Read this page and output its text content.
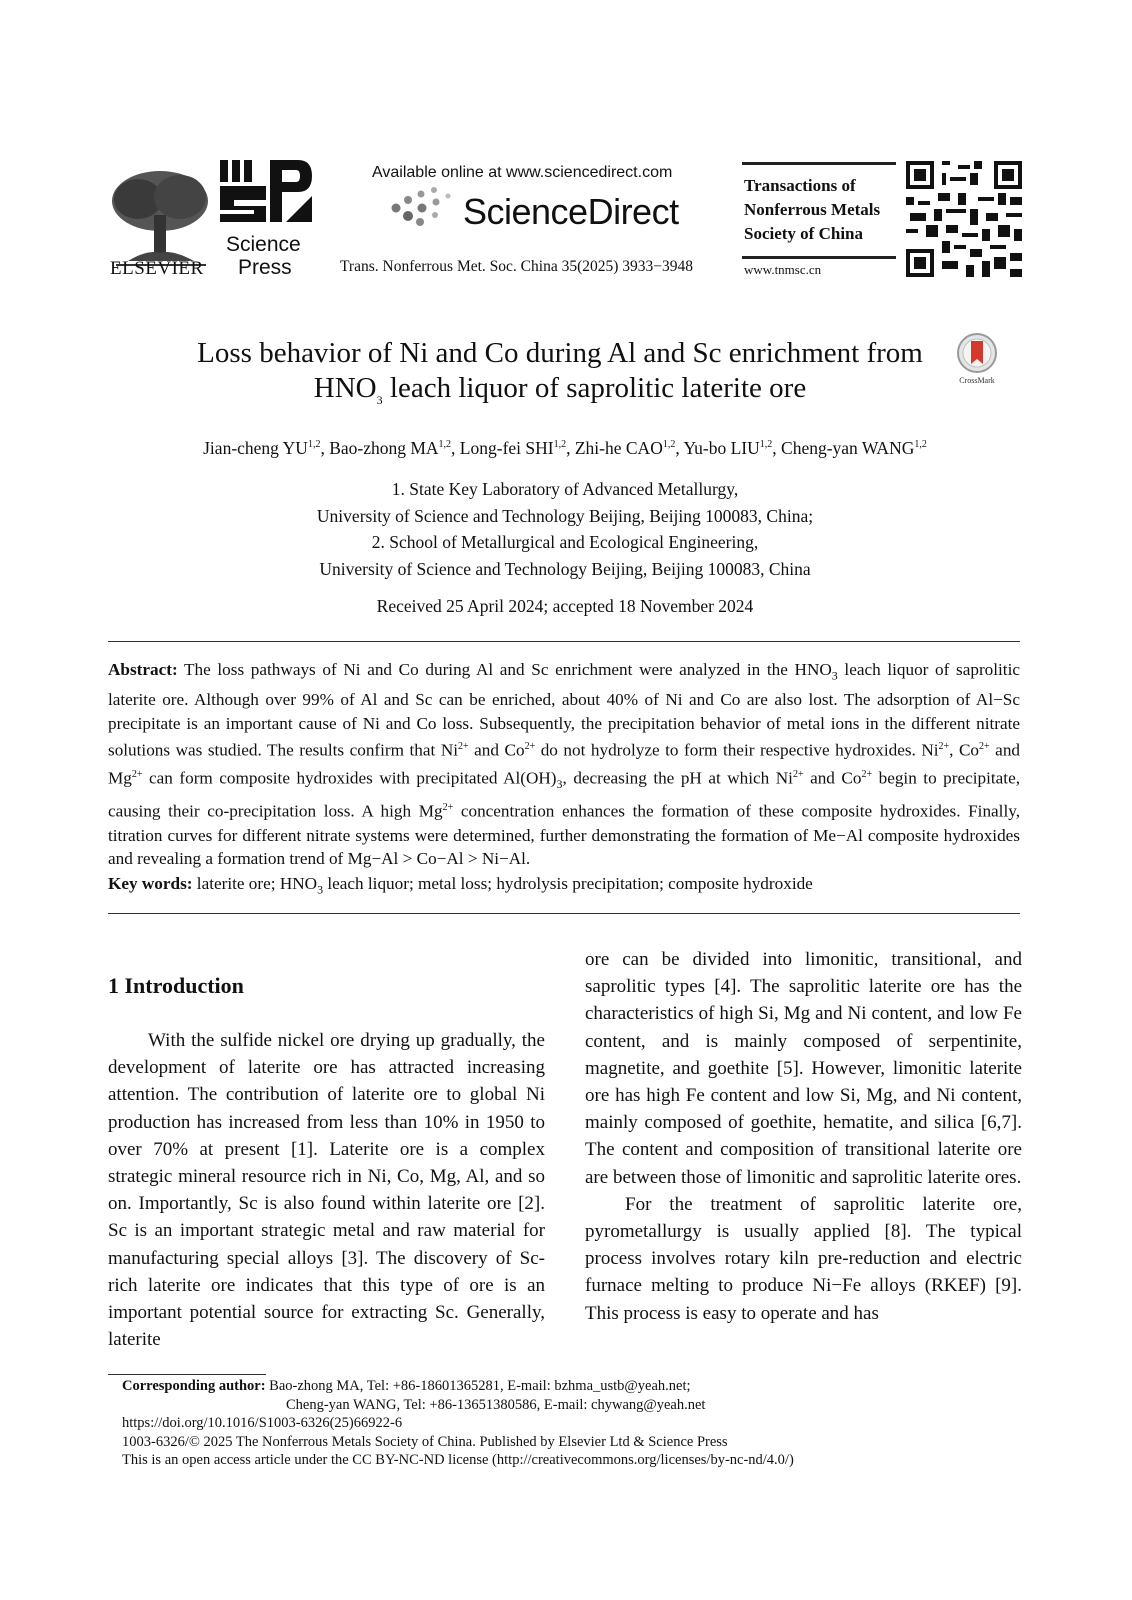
ELSEVIER
Science
Press
Available online at www.sciencedirect.com
ScienceDirect
Trans. Nonferrous Met. Soc. China 35(2025) 3933−3948
Transactions of
Nonferrous Metals
Society of China
www.tnmsc.cn
Loss behavior of Ni and Co during Al and Sc enrichment from
$HNO_3$ leach liquor of saprolitic laterite ore	CrossMark
Jian-cheng YU$^{1,2}$, Bao-zhong MA$^{1,2}$, Long-fei SHI$^{1,2}$, Zhi-he CAO$^{1,2}$, Yu-bo LIU$^{1,2}$, Cheng-yan WANG$^{1,2}$
1. State Key Laboratory of Advanced Metallurgy,
University of Science and Technology Beijing, Beijing 100083, China;
2. School of Metallurgical and Ecological Engineering,
University of Science and Technology Beijing, Beijing 100083, China
Received 25 April 2024; accepted 18 November 2024
Abstract: The loss pathways of Ni and Co during Al and Sc enrichment were analyzed in the $HNO_3$ leach liquor of saprolitic laterite ore. Although over 99% of Al and Sc can be enriched, about 40% of Ni and Co are also lost. The adsorption of Al−Sc precipitate is an important cause of Ni and Co loss. Subsequently, the precipitation behavior of metal ions in the different nitrate solutions was studied. The results confirm that $Ni^{2+}$ and $Co^{2+}$ do not hydrolyze to form their respective hydroxides. $Ni^{2+}$, $Co^{2+}$ and $Mg^{2+}$ can form composite hydroxides with precipitated $Al(OH)_3$, decreasing the pH at which $Ni^{2+}$ and $Co^{2+}$ begin to precipitate, causing their co-precipitation loss. A high $Mg^{2+}$ concentration enhances the formation of these composite hydroxides. Finally, titration curves for different nitrate systems were determined, further demonstrating the formation of Me−Al composite hydroxides and revealing a formation trend of Mg−Al > Co−Al > Ni−Al.
Key words: laterite ore; $HNO_3$ leach liquor; metal loss; hydrolysis precipitation; composite hydroxide
1 Introduction

With the sulfide nickel ore drying up gradually, the development of laterite ore has attracted increasing attention. The contribution of laterite ore to global Ni production has increased from less than 10% in 1950 to over 70% at present [1]. Laterite ore is a complex strategic mineral resource rich in Ni, Co, Mg, Al, and so on. Importantly, Sc is also found within laterite ore [2]. Sc is an important strategic metal and raw material for manufacturing special alloys [3]. The discovery of Sc-rich laterite ore indicates that this type of ore is an important potential source for extracting Sc. Generally, laterite

ore can be divided into limonitic, transitional, and saprolitic types [4]. The saprolitic laterite ore has the characteristics of high Si, Mg and Ni content, and low Fe content, and is mainly composed of serpentinite, magnetite, and goethite [5]. However, limonitic laterite ore has high Fe content and low Si, Mg, and Ni content, mainly composed of goethite, hematite, and silica [6,7]. The content and composition of transitional laterite ore are between those of limonitic and saprolitic laterite ores.

For the treatment of saprolitic laterite ore, pyrometallurgy is usually applied [8]. The typical process involves rotary kiln pre-reduction and electric furnace melting to produce Ni−Fe alloys (RKEF) [9]. This process is easy to operate and has

Corresponding author: Bao-zhong MA, Tel: +86-18601365281, E-mail: bzhma_ustb@yeah.net;
Cheng-yan WANG, Tel: +86-13651380586, E-mail: chywang@yeah.net
https://doi.org/10.1016/S1003-6326(25)66922-6
1003-6326/© 2025 The Nonferrous Metals Society of China. Published by Elsevier Ltd & Science Press
This is an open access article under the CC BY-NC-ND license (http://creativecommons.org/licenses/by-nc-nd/4.0/)
